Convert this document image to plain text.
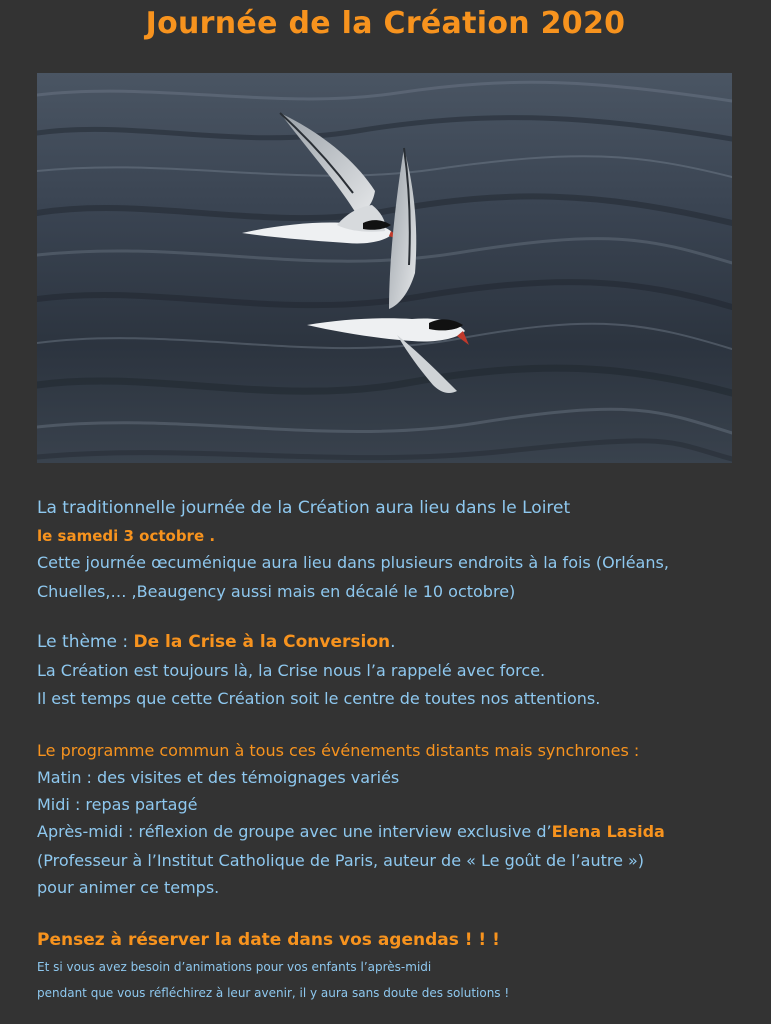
Journée de la Création 2020

La traditionnelle journée de la Création aura lieu dans le Loiret

le samedi 3 octobre .

Cette journée œcuménique aura lieu dans plusieurs endroits à la fois (Orléans,

Chuelles,… ,Beaugency aussi mais en décalé le 10 octobre)

Le thème : De la Crise à la Conversion.

La Création est toujours là, la Crise nous l’a rappelé avec force.

Il est temps que cette Création soit le centre de toutes nos attentions.

Le programme commun à tous ces événements distants mais synchrones :

Matin : des visites et des témoignages variés

Midi : repas partagé

Après-midi : réflexion de groupe avec une interview exclusive d’Elena Lasida

(Professeur à l’Institut Catholique de Paris, auteur de « Le goût de l’autre »)

pour animer ce temps.

Pensez à réserver la date dans vos agendas ! ! !

Et si vous avez besoin d’animations pour vos enfants l’après-midi

pendant que vous réfléchirez à leur avenir, il y aura sans doute des solutions !
